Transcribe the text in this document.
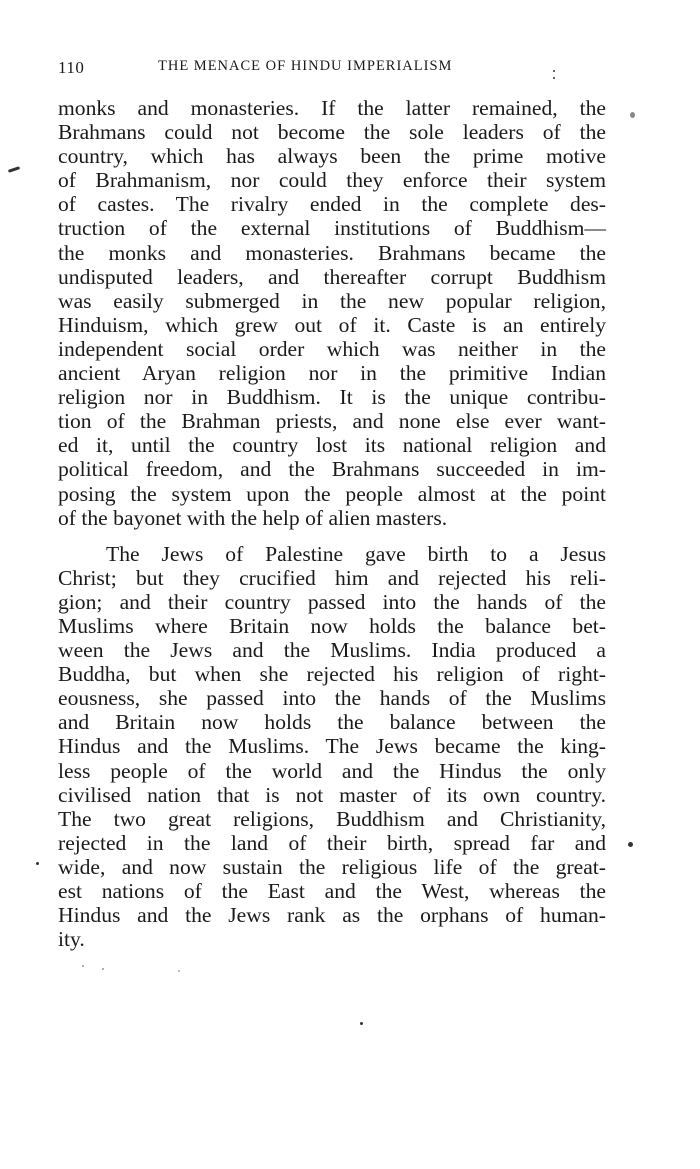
110	THE MENACE OF HINDU IMPERIALISM
monks and monasteries. If the latter remained, the
Brahmans could not become the sole leaders of the
country, which has always been the prime motive
of Brahmanism, nor could they enforce their system
of castes. The rivalry ended in the complete des-
truction of the external institutions of Buddhism—
the monks and monasteries. Brahmans became the
undisputed leaders, and thereafter corrupt Buddhism
was easily submerged in the new popular religion,
Hinduism, which grew out of it. Caste is an entirely
independent social order which was neither in the
ancient Aryan religion nor in the primitive Indian
religion nor in Buddhism. It is the unique contribu-
tion of the Brahman priests, and none else ever want-
ed it, until the country lost its national religion and
political freedom, and the Brahmans succeeded in im-
posing the system upon the people almost at the point
of the bayonet with the help of alien masters.
The Jews of Palestine gave birth to a Jesus
Christ; but they crucified him and rejected his reli-
gion; and their country passed into the hands of the
Muslims where Britain now holds the balance bet-
ween the Jews and the Muslims. India produced a
Buddha, but when she rejected his religion of right-
eousness, she passed into the hands of the Muslims
and Britain now holds the balance between the
Hindus and the Muslims. The Jews became the king-
less people of the world and the Hindus the only
civilised nation that is not master of its own country.
The two great religions, Buddhism and Christianity,
rejected in the land of their birth, spread far and
wide, and now sustain the religious life of the great-
est nations of the East and the West, whereas the
Hindus and the Jews rank as the orphans of human-
ity.
